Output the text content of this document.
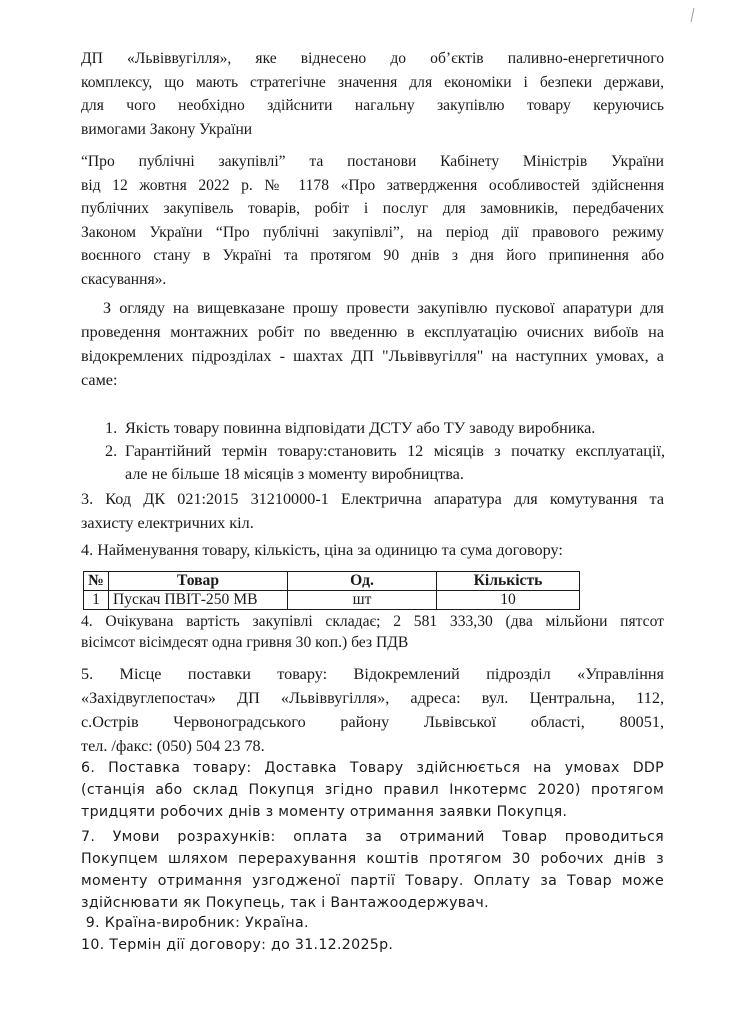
ДП «Львіввугілля», яке віднесено до об’єктів паливно-енергетичного
комплексу, що мають стратегічне значення для економіки і безпеки держави,
для чого необхідно здійснити нагальну закупівлю товару керуючись
вимогами Закону України
“Про публічні закупівлі” та постанови Кабінету Міністрів України
від 12 жовтня 2022 р. № 1178 «Про затвердження особливостей здійснення
публічних закупівель товарів, робіт і послуг для замовників, передбачених
Законом України “Про публічні закупівлі”, на період дії правового режиму
воєнного стану в Україні та протягом 90 днів з дня його припинення або
скасування».
З огляду на вищевказане прошу провести закупівлю пускової апаратури для
проведення монтажних робіт по введенню в експлуатацію очисних вибоїв на
відокремлених підрозділах - шахтах ДП "Львіввугілля" на наступних умовах, а
саме:
1. Якість товару повинна відповідати ДСТУ або ТУ заводу виробника.
2. Гарантійний термін товару:становить 12 місяців з початку експлуатації,
але не більше 18 місяців з моменту виробництва.
3. Код ДК 021:2015 31210000-1 Електрична апаратура для комутування та
захисту електричних кіл.
4. Найменування товару, кількість, ціна за одиницю та сума договору:
№	Товар	Од.	Кількість
1	Пускач ПВІТ-250 МВ	шт	10
4. Очікувана вартість закупівлі складає; 2 581 333,30 (два мільйони пятсот
вісімсот вісімдесят одна гривня 30 коп.) без ПДВ
5. Місце поставки товару: Відокремлений підрозділ «Управління
«Західвуглепостач» ДП «Львіввугілля», адреса: вул. Центральна, 112,
с.Острів Червоноградського району Львівської області, 80051,
тел. /факс: (050) 504 23 78.
6. Поставка товару: Доставка Товару здійснюється на умовах DDP
(станція або склад Покупця згідно правил Інкотермс 2020) протягом
тридцяти робочих днів з моменту отримання заявки Покупця.
7. Умови розрахунків: оплата за отриманий Товар проводиться
Покупцем шляхом перерахування коштів протягом 30 робочих днів з
моменту отримання узгодженої партії Товару. Оплату за Товар може
здійснювати як Покупець, так і Вантажоодержувач.
9. Країна-виробник: Україна.
10. Термін дії договору: до 31.12.2025р.
